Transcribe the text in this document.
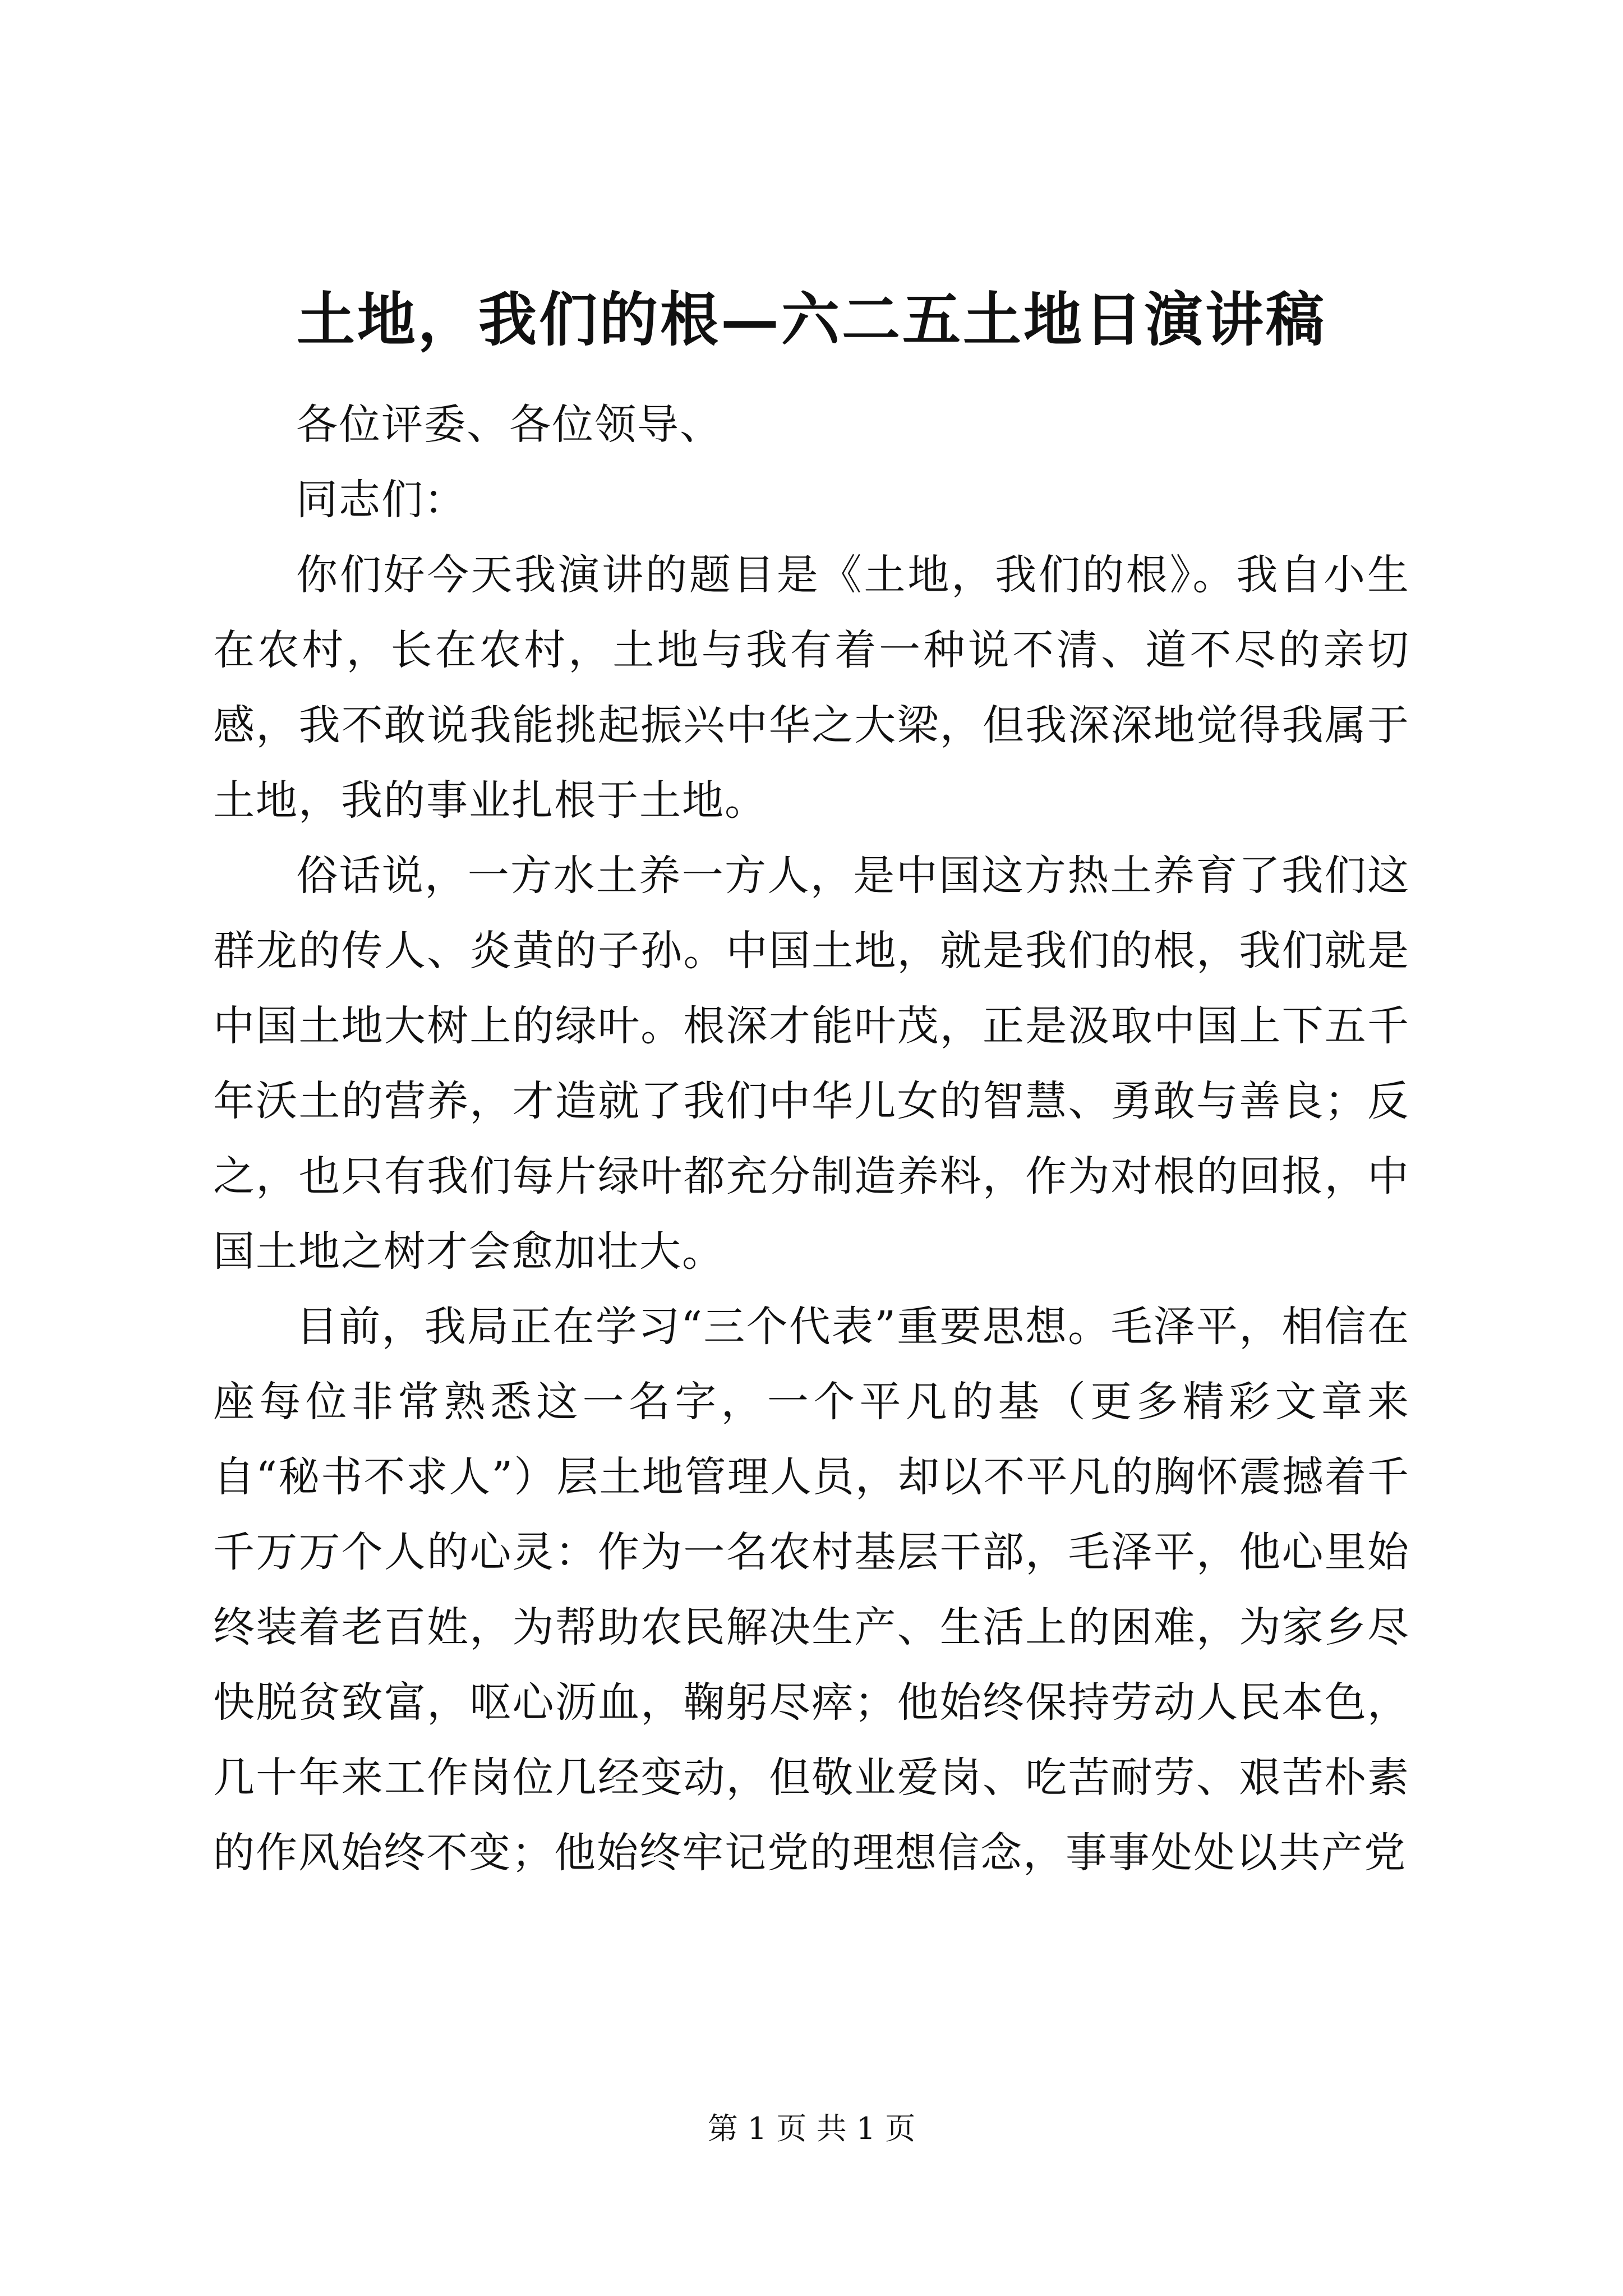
土地，我们的根—六二五土地日演讲稿

各位评委、各位领导、

同志们：

你们好今天我演讲的题目是《土地，我们的根》。我自小生在农村，长在农村，土地与我有着一种说不清、道不尽的亲切感，我不敢说我能挑起振兴中华之大梁，但我深深地觉得我属于土地，我的事业扎根于土地。

俗话说，一方水土养一方人，是中国这方热土养育了我们这群龙的传人、炎黄的子孙。中国土地，就是我们的根，我们就是中国土地大树上的绿叶。根深才能叶茂，正是汲取中国上下五千年沃土的营养，才造就了我们中华儿女的智慧、勇敢与善良；反之，也只有我们每片绿叶都充分制造养料，作为对根的回报，中国土地之树才会愈加壮大。

目前，我局正在学习“三个代表”重要思想。毛泽平，相信在座每位非常熟悉这一名字，一个平凡的基（更多精彩文章来自“秘书不求人”）层土地管理人员，却以不平凡的胸怀震撼着千千万万个人的心灵：作为一名农村基层干部，毛泽平，他心里始终装着老百姓，为帮助农民解决生产、生活上的困难，为家乡尽快脱贫致富，呕心沥血，鞠躬尽瘁；他始终保持劳动人民本色，几十年来工作岗位几经变动，但敬业爱岗、吃苦耐劳、艰苦朴素的作风始终不变；他始终牢记党的理想信念，事事处处以共产党

第 1 页 共 1 页
